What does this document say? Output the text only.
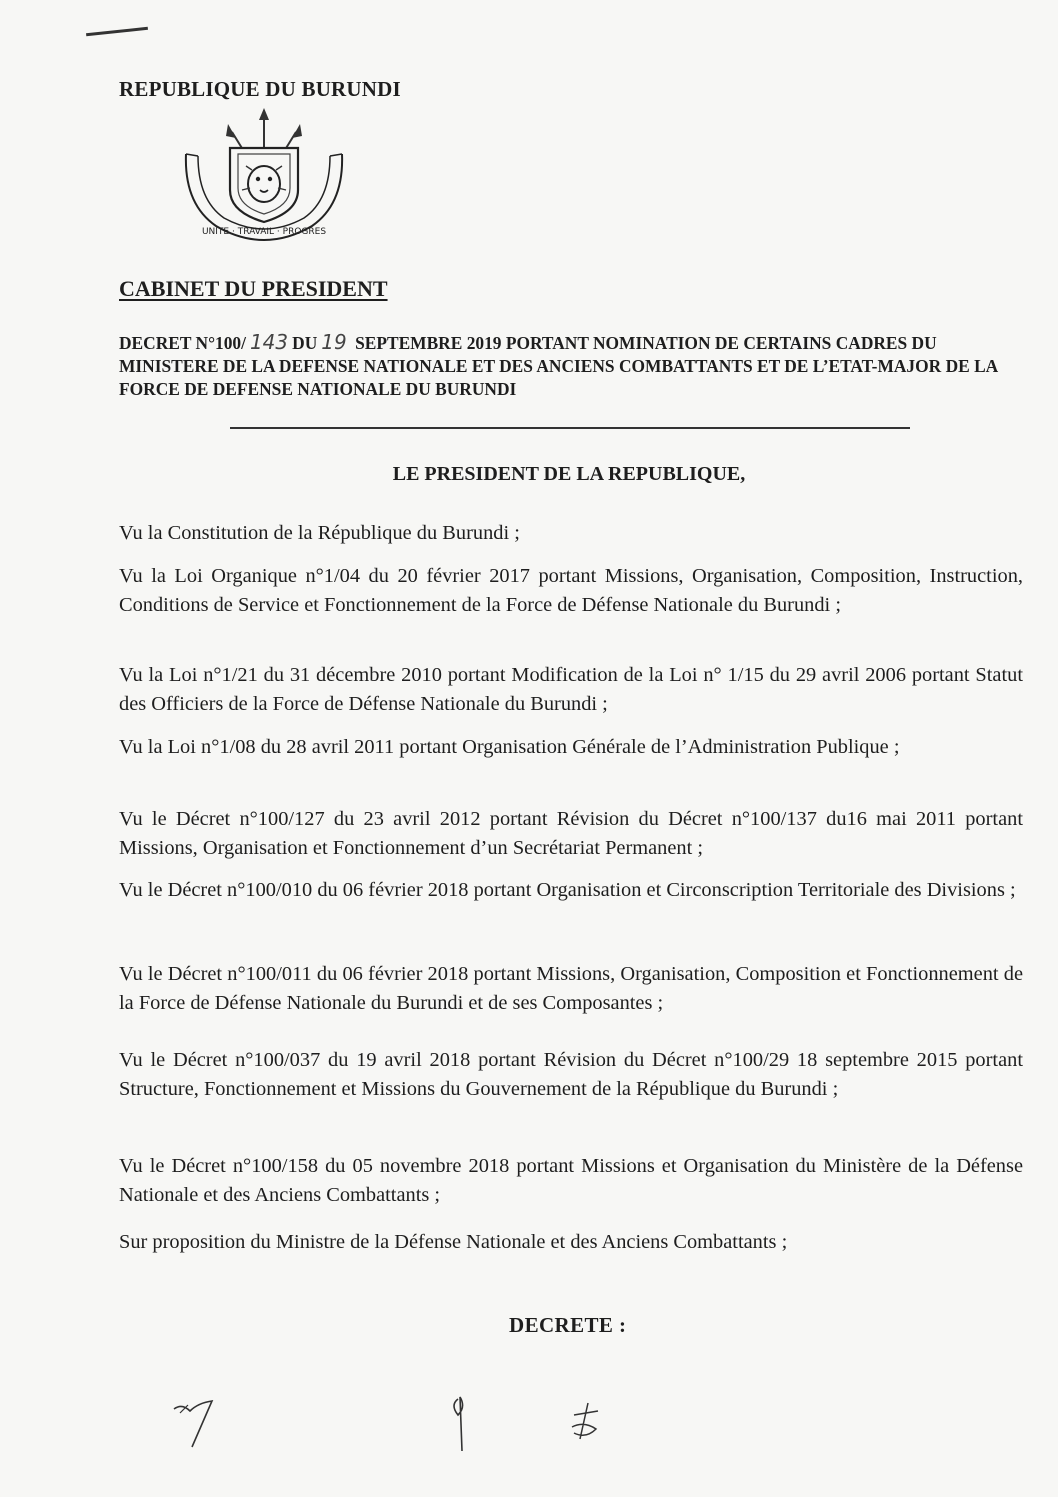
REPUBLIQUE DU BURUNDI
UNITE · TRAVAIL · PROGRES
CABINET DU PRESIDENT
DECRET N°100/ 143 DU 19 SEPTEMBRE 2019 PORTANT NOMINATION DE CERTAINS CADRES DU MINISTERE DE LA DEFENSE NATIONALE ET DES ANCIENS COMBATTANTS ET DE L’ETAT-MAJOR DE LA FORCE DE DEFENSE NATIONALE DU BURUNDI
LE PRESIDENT DE LA REPUBLIQUE,
Vu la Constitution de la République du Burundi ;
Vu la Loi Organique n°1/04 du 20 février 2017 portant Missions, Organisation, Composition, Instruction, Conditions de Service et Fonctionnement de la Force de Défense Nationale du Burundi ;
Vu la Loi n°1/21 du 31 décembre 2010 portant Modification de la Loi n° 1/15 du 29 avril 2006 portant Statut des Officiers de la Force de Défense Nationale du Burundi ;
Vu la Loi n°1/08 du 28 avril 2011 portant Organisation Générale de l’Administration Publique ;
Vu le Décret n°100/127 du 23 avril 2012 portant Révision du Décret n°100/137 du16 mai 2011 portant Missions, Organisation et Fonctionnement d’un Secrétariat Permanent ;
Vu le Décret n°100/010 du 06 février 2018 portant Organisation et Circonscription Territoriale des Divisions ;
Vu le Décret n°100/011 du 06 février 2018 portant Missions, Organisation, Composition et Fonctionnement de la Force de Défense Nationale du Burundi et de ses Composantes ;
Vu le Décret n°100/037 du 19 avril 2018 portant Révision du Décret n°100/29 18 septembre 2015 portant Structure, Fonctionnement et Missions du Gouvernement de la République du Burundi ;
Vu le Décret n°100/158 du 05 novembre 2018 portant Missions et Organisation du Ministère de la Défense Nationale et des Anciens Combattants ;
Sur proposition du Ministre de la Défense Nationale et des Anciens Combattants ;
DECRETE :
